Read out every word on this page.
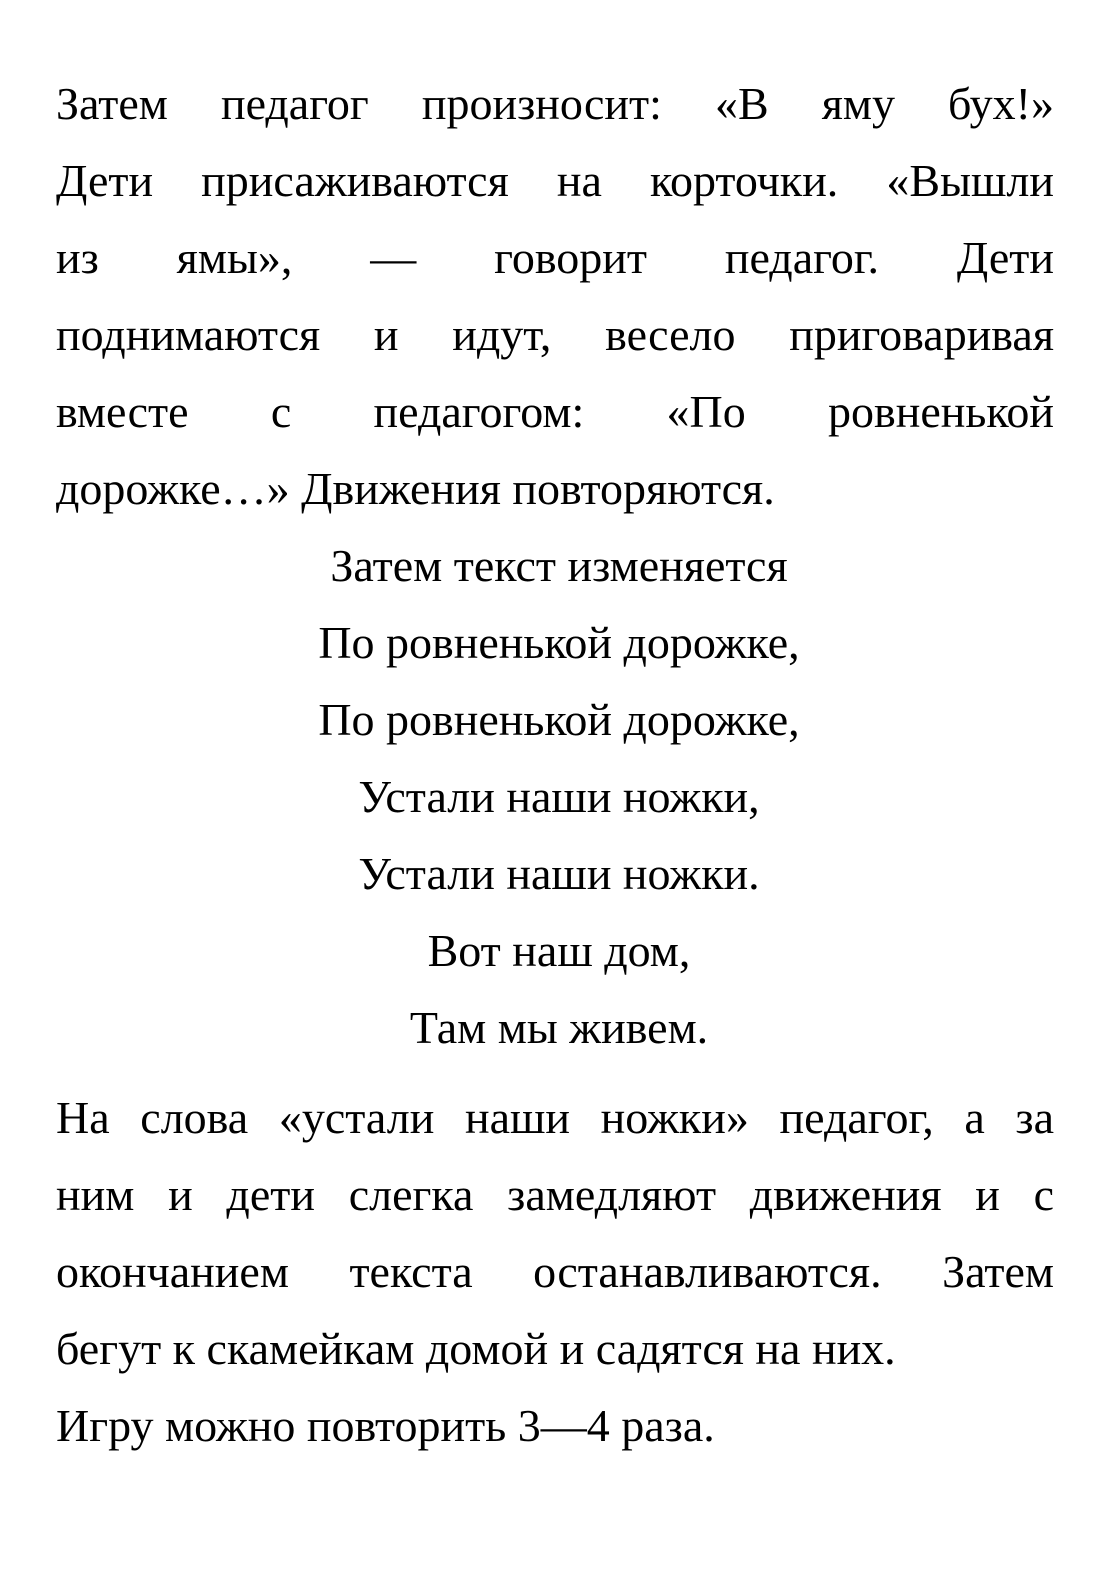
Затем педагог произносит: «В яму бух!»
Дети присаживаются на корточки. «Вышли
из ямы», — говорит педагог. Дети
поднимаются и идут, весело приговаривая
вместе с педагогом: «По ровненькой
дорожке…» Движения повторяются.
Затем текст изменяется
По ровненькой дорожке,
По ровненькой дорожке,
Устали наши ножки,
Устали наши ножки.
Вот наш дом,
Там мы живем.
На слова «устали наши ножки» педагог, а за
ним и дети слегка замедляют движения и с
окончанием текста останавливаются. Затем
бегут к скамейкам домой и садятся на них.
Игру можно повторить 3—4 раза.
